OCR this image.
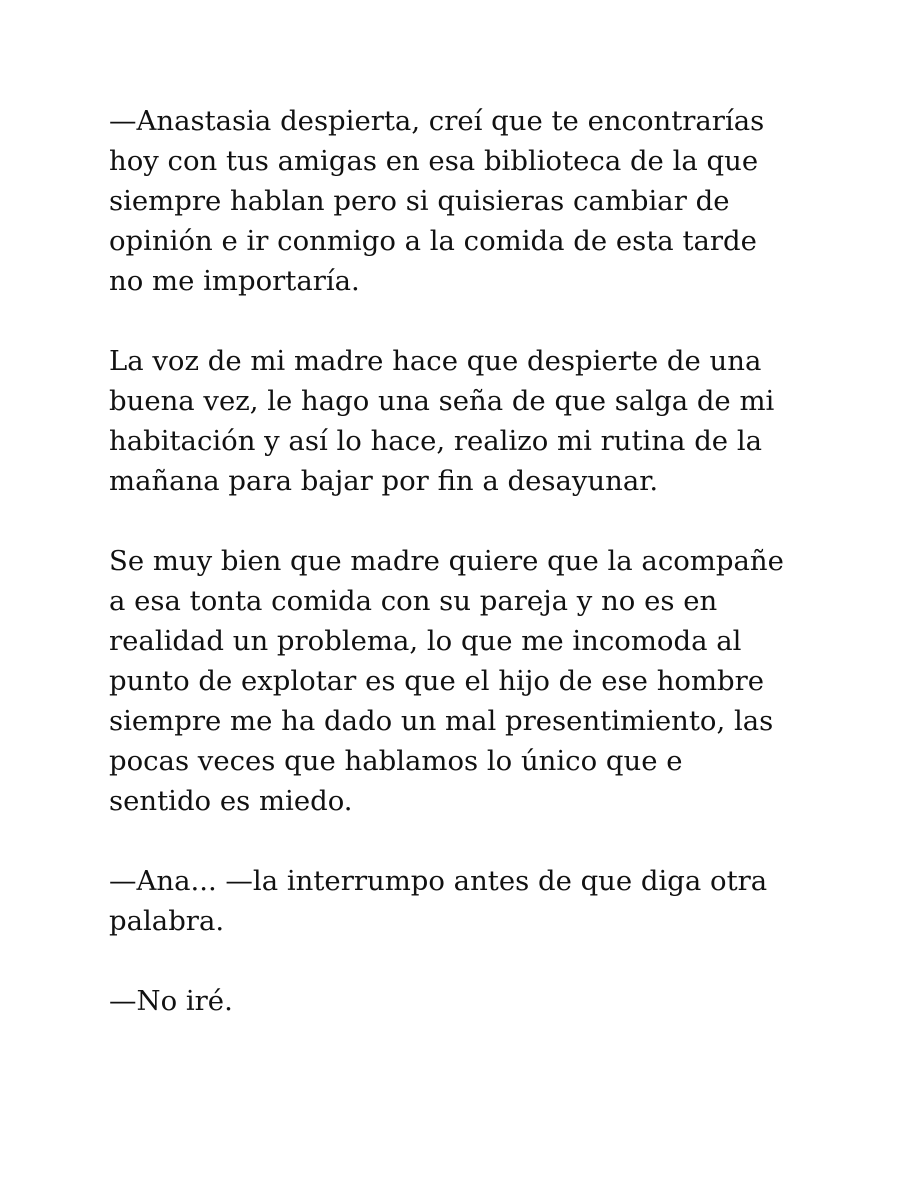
—Anastasia despierta, creí que te encontrarías
hoy con tus amigas en esa biblioteca de la que
siempre hablan pero si quisieras cambiar de
opinión e ir conmigo a la comida de esta tarde
no me importaría.

La voz de mi madre hace que despierte de una
buena vez, le hago una seña de que salga de mi
habitación y así lo hace, realizo mi rutina de la
mañana para bajar por fin a desayunar.

Se muy bien que madre quiere que la acompañe
a esa tonta comida con su pareja y no es en
realidad un problema, lo que me incomoda al
punto de explotar es que el hijo de ese hombre
siempre me ha dado un mal presentimiento, las
pocas veces que hablamos lo único que e
sentido es miedo.

—Ana... —la interrumpo antes de que diga otra
palabra.

—No iré.
